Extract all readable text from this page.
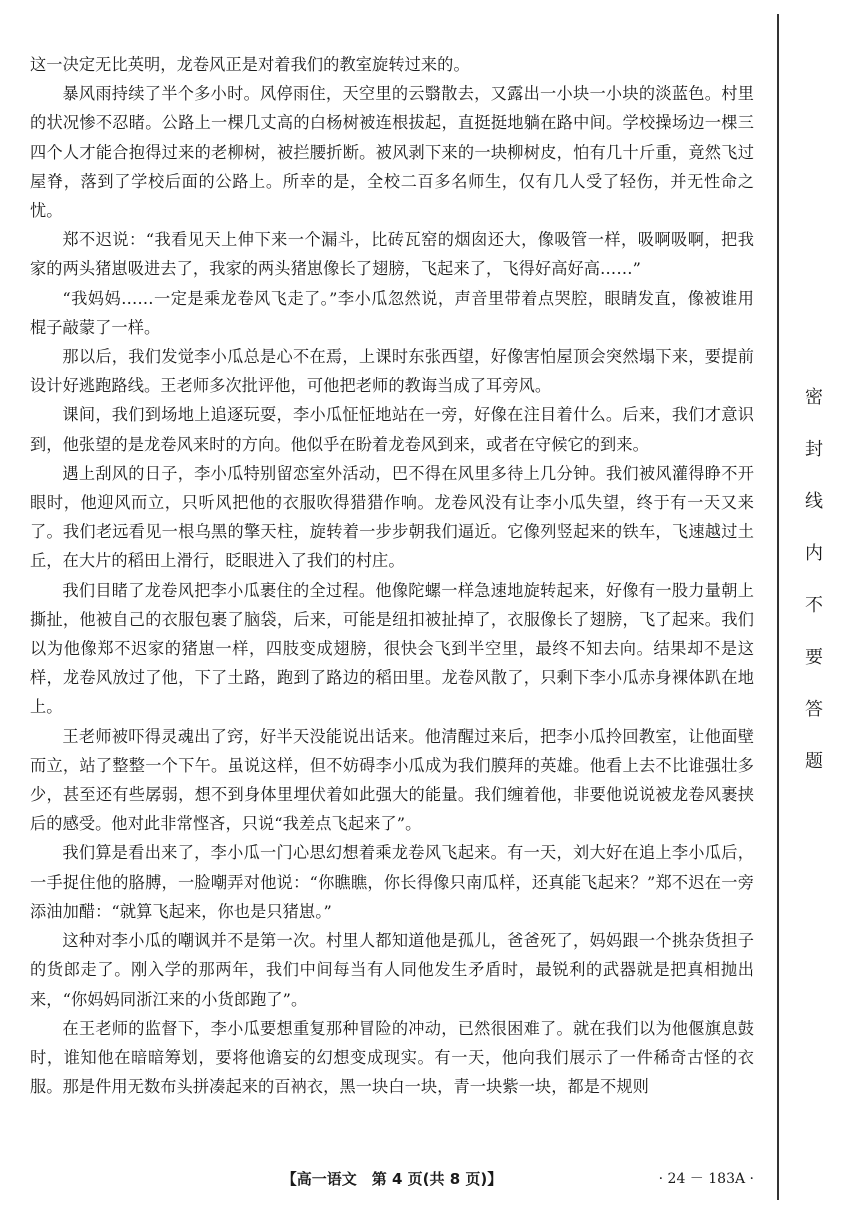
这一决定无比英明，龙卷风正是对着我们的教室旋转过来的。

暴风雨持续了半个多小时。风停雨住，天空里的云翳散去，又露出一小块一小块的淡蓝色。村里的状况惨不忍睹。公路上一棵几丈高的白杨树被连根拔起，直挺挺地躺在路中间。学校操场边一棵三四个人才能合抱得过来的老柳树，被拦腰折断。被风剥下来的一块柳树皮，怕有几十斤重，竟然飞过屋脊，落到了学校后面的公路上。所幸的是，全校二百多名师生，仅有几人受了轻伤，并无性命之忧。

郑不迟说：“我看见天上伸下来一个漏斗，比砖瓦窑的烟囱还大，像吸管一样，吸啊吸啊，把我家的两头猪崽吸进去了，我家的两头猪崽像长了翅膀，飞起来了，飞得好高好高……”

“我妈妈……一定是乘龙卷风飞走了。”李小瓜忽然说，声音里带着点哭腔，眼睛发直，像被谁用棍子敲蒙了一样。

那以后，我们发觉李小瓜总是心不在焉，上课时东张西望，好像害怕屋顶会突然塌下来，要提前设计好逃跑路线。王老师多次批评他，可他把老师的教诲当成了耳旁风。

课间，我们到场地上追逐玩耍，李小瓜怔怔地站在一旁，好像在注目着什么。后来，我们才意识到，他张望的是龙卷风来时的方向。他似乎在盼着龙卷风到来，或者在守候它的到来。

遇上刮风的日子，李小瓜特别留恋室外活动，巴不得在风里多待上几分钟。我们被风灌得睁不开眼时，他迎风而立，只听风把他的衣服吹得猎猎作响。龙卷风没有让李小瓜失望，终于有一天又来了。我们老远看见一根乌黑的擎天柱，旋转着一步步朝我们逼近。它像列竖起来的铁车，飞速越过土丘，在大片的稻田上滑行，眨眼进入了我们的村庄。

我们目睹了龙卷风把李小瓜裹住的全过程。他像陀螺一样急速地旋转起来，好像有一股力量朝上撕扯，他被自己的衣服包裹了脑袋，后来，可能是纽扣被扯掉了，衣服像长了翅膀，飞了起来。我们以为他像郑不迟家的猪崽一样，四肢变成翅膀，很快会飞到半空里，最终不知去向。结果却不是这样，龙卷风放过了他，下了土路，跑到了路边的稻田里。龙卷风散了，只剩下李小瓜赤身裸体趴在地上。

王老师被吓得灵魂出了窍，好半天没能说出话来。他清醒过来后，把李小瓜拎回教室，让他面壁而立，站了整整一个下午。虽说这样，但不妨碍李小瓜成为我们膜拜的英雄。他看上去不比谁强壮多少，甚至还有些孱弱，想不到身体里埋伏着如此强大的能量。我们缠着他，非要他说说被龙卷风裹挟后的感受。他对此非常悭吝，只说“我差点飞起来了”。

我们算是看出来了，李小瓜一门心思幻想着乘龙卷风飞起来。有一天，刘大好在追上李小瓜后，一手捉住他的胳膊，一脸嘲弄对他说：“你瞧瞧，你长得像只南瓜样，还真能飞起来？”郑不迟在一旁添油加醋：“就算飞起来，你也是只猪崽。”

这种对李小瓜的嘲讽并不是第一次。村里人都知道他是孤儿，爸爸死了，妈妈跟一个挑杂货担子的货郎走了。刚入学的那两年，我们中间每当有人同他发生矛盾时，最锐利的武器就是把真相抛出来，“你妈妈同浙江来的小货郎跑了”。

在王老师的监督下，李小瓜要想重复那种冒险的冲动，已然很困难了。就在我们以为他偃旗息鼓时，谁知他在暗暗筹划，要将他谵妄的幻想变成现实。有一天，他向我们展示了一件稀奇古怪的衣服。那是件用无数布头拼凑起来的百衲衣，黑一块白一块，青一块紫一块，都是不规则

密
封
线
内
不
要
答
题
【高一语文　第 4 页(共 8 页)】	· 24 － 183A ·
